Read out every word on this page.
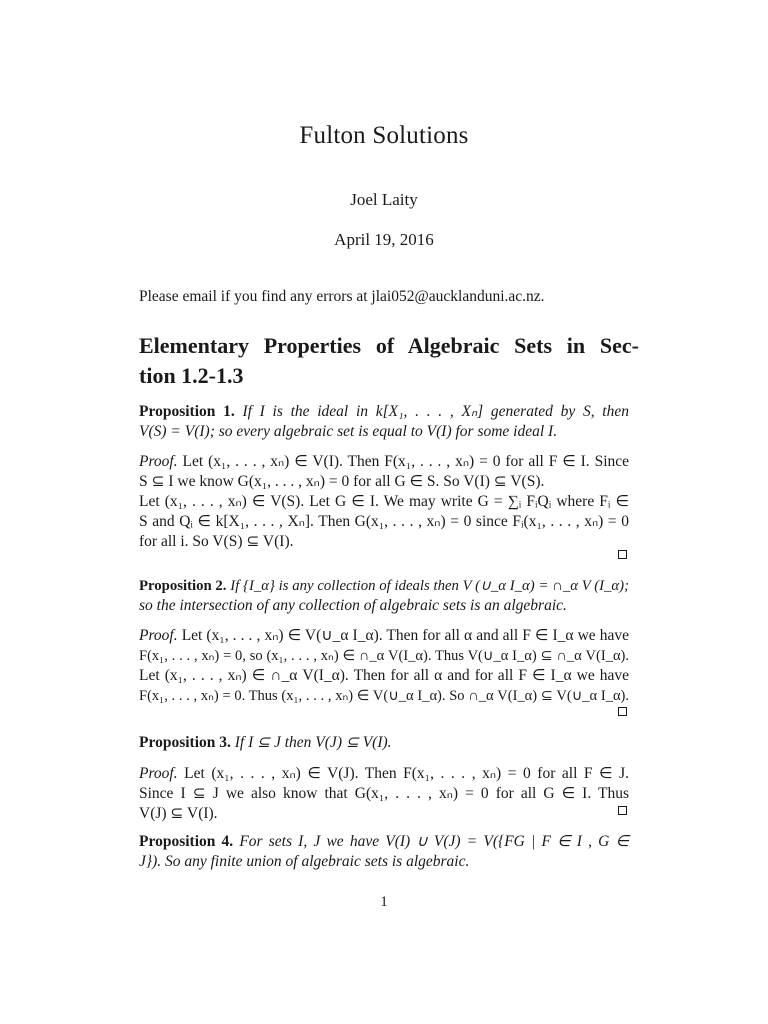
Fulton Solutions
Joel Laity
April 19, 2016
Please email if you find any errors at jlai052@aucklanduni.ac.nz.
Elementary Properties of Algebraic Sets in Sec-
tion 1.2-1.3
Proposition 1. If I is the ideal in k[X₁, . . . , Xₙ] generated by S, then
V(S) = V(I); so every algebraic set is equal to V(I) for some ideal I.
Proof. Let (x₁, . . . , xₙ) ∈ V(I). Then F(x₁, . . . , xₙ) = 0 for all F ∈ I. Since
S ⊆ I we know G(x₁, . . . , xₙ) = 0 for all G ∈ S. So V(I) ⊆ V(S).
Let (x₁, . . . , xₙ) ∈ V(S). Let G ∈ I. We may write G = ∑ᵢ FᵢQᵢ where Fᵢ ∈
S and Qᵢ ∈ k[X₁, . . . , Xₙ]. Then G(x₁, . . . , xₙ) = 0 since Fᵢ(x₁, . . . , xₙ) = 0
for all i. So V(S) ⊆ V(I).
Proposition 2. If {I_α} is any collection of ideals then V (∪_α I_α) = ∩_α V (I_α);
so the intersection of any collection of algebraic sets is an algebraic.
Proof. Let (x₁, . . . , xₙ) ∈ V(∪_α I_α). Then for all α and all F ∈ I_α we have
F(x₁, . . . , xₙ) = 0, so (x₁, . . . , xₙ) ∈ ∩_α V(I_α). Thus V(∪_α I_α) ⊆ ∩_α V(I_α).
Let (x₁, . . . , xₙ) ∈ ∩_α V(I_α). Then for all α and for all F ∈ I_α we have
F(x₁, . . . , xₙ) = 0. Thus (x₁, . . . , xₙ) ∈ V(∪_α I_α). So ∩_α V(I_α) ⊆ V(∪_α I_α).
Proposition 3. If I ⊆ J then V(J) ⊆ V(I).
Proof. Let (x₁, . . . , xₙ) ∈ V(J). Then F(x₁, . . . , xₙ) = 0 for all F ∈ J.
Since I ⊆ J we also know that G(x₁, . . . , xₙ) = 0 for all G ∈ I. Thus
V(J) ⊆ V(I).
Proposition 4. For sets I, J we have V(I) ∪ V(J) = V({FG | F ∈ I , G ∈
J}). So any finite union of algebraic sets is algebraic.
1
